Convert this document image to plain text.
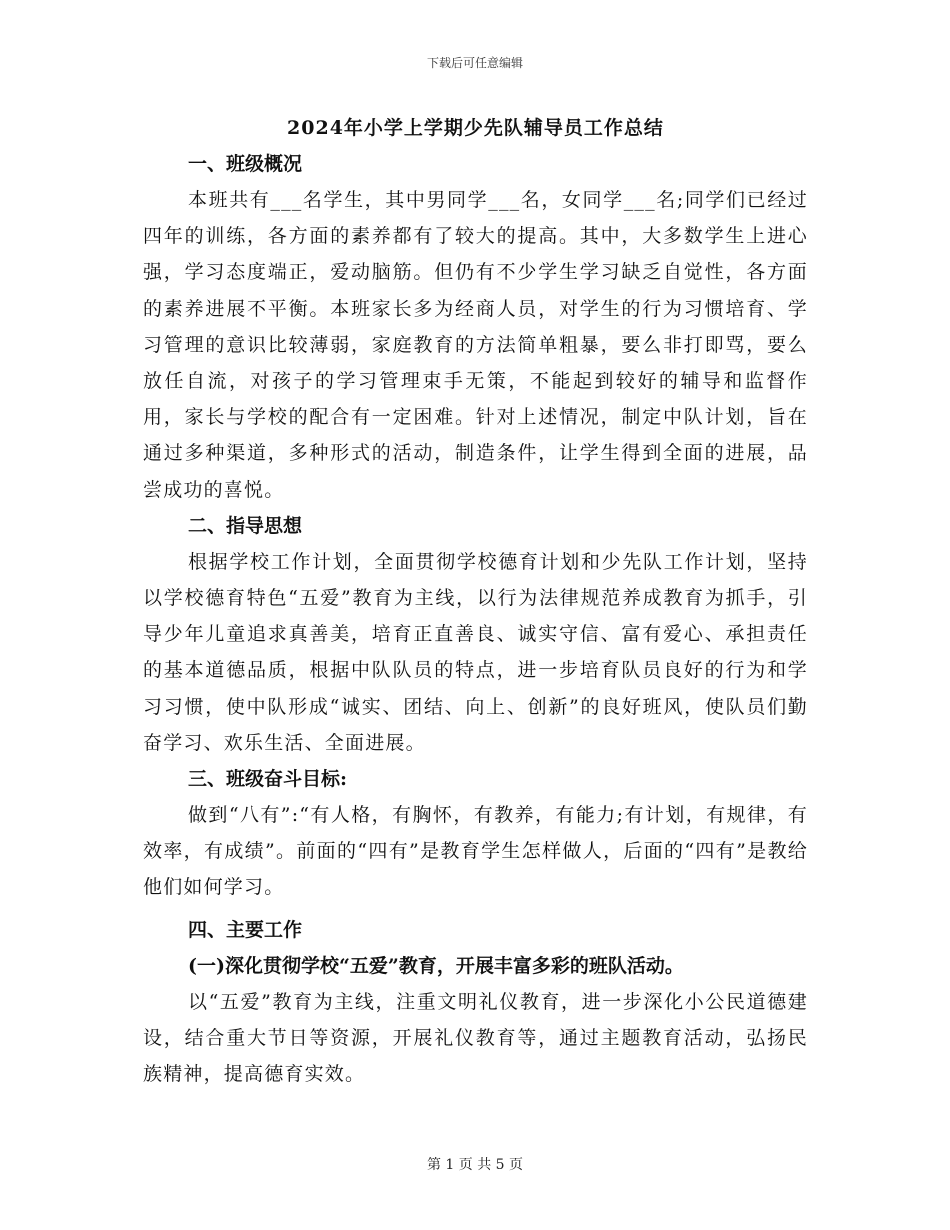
下载后可任意编辑
2024年小学上学期少先队辅导员工作总结
一、班级概况

本班共有___名学生，其中男同学___名，女同学___名;同学们已经过四年的训练，各方面的素养都有了较大的提高。其中，大多数学生上进心强，学习态度端正，爱动脑筋。但仍有不少学生学习缺乏自觉性，各方面的素养进展不平衡。本班家长多为经商人员，对学生的行为习惯培育、学习管理的意识比较薄弱，家庭教育的方法简单粗暴，要么非打即骂，要么放任自流，对孩子的学习管理束手无策，不能起到较好的辅导和监督作用，家长与学校的配合有一定困难。针对上述情况，制定中队计划，旨在通过多种渠道，多种形式的活动，制造条件，让学生得到全面的进展，品尝成功的喜悦。

二、指导思想

根据学校工作计划，全面贯彻学校德育计划和少先队工作计划，坚持以学校德育特色“五爱”教育为主线，以行为法律规范养成教育为抓手，引导少年儿童追求真善美，培育正直善良、诚实守信、富有爱心、承担责任的基本道德品质，根据中队队员的特点，进一步培育队员良好的行为和学习习惯，使中队形成“诚实、团结、向上、创新”的良好班风，使队员们勤奋学习、欢乐生活、全面进展。

三、班级奋斗目标:

做到“八有”:“有人格，有胸怀，有教养，有能力;有计划，有规律，有效率，有成绩”。前面的“四有”是教育学生怎样做人，后面的“四有”是教给他们如何学习。

四、主要工作
(一)深化贯彻学校“五爱”教育，开展丰富多彩的班队活动。

以“五爱”教育为主线，注重文明礼仪教育，进一步深化小公民道德建设，结合重大节日等资源，开展礼仪教育等，通过主题教育活动，弘扬民族精神，提高德育实效。

第 1 页 共 5 页
